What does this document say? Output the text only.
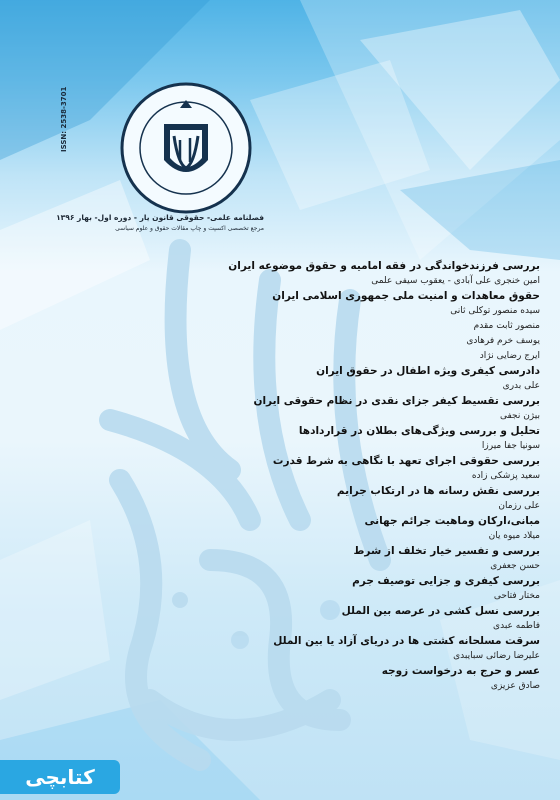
ISSN: 2538-3701
فصلنامه علمی- حقوقی قانون یار - دوره اول- بهار ۱۳۹۶
مرجع تخصصی اکسپت و چاپ مقالات حقوق و علوم سیاسی
بررسی فرزندخواندگی در فقه امامیه و حقوق موضوعه ایران
امین خنجری علی آبادی - یعقوب سیفی علمی
حقوق معاهدات و امنیت ملی جمهوری اسلامی ایران
سیده منصور توکلی ثانی
منصور ثابت مقدم
یوسف خرم فرهادی
ایرج رضایی نژاد
دادرسی کیفری ویژه اطفال در حقوق ایران
علی بدری
بررسی تقسیط کیفر جزای نقدی در نظام حقوقی ایران
بیژن نجفی
تحلیل و بررسی ویژگی‌های بطلان در قراردادها
سونیا جفا میرزا
بررسی حقوقی اجرای تعهد با نگاهی به شرط قدرت
سعید پزشکی زاده
بررسی نقش رسانه ها در ارتکاب جرایم
علی رزمان
مبانی،ارکان وماهیت جرائم جهانی
میلاد میوه یان
بررسی و تفسیر خیار تخلف از شرط
حسن جعفری
بررسی کیفری و جزایی توصیف جرم
مختار فتاحی
بررسی نسل کشی در عرصه بین الملل
فاطمه عبدی
سرقت مسلحانه کشتی ها در دریای آزاد یا بین الملل
علیرضا رضائی سبایبدی
عسر و حرج به درخواست زوجه
صادق عزیزی
کتابچی
